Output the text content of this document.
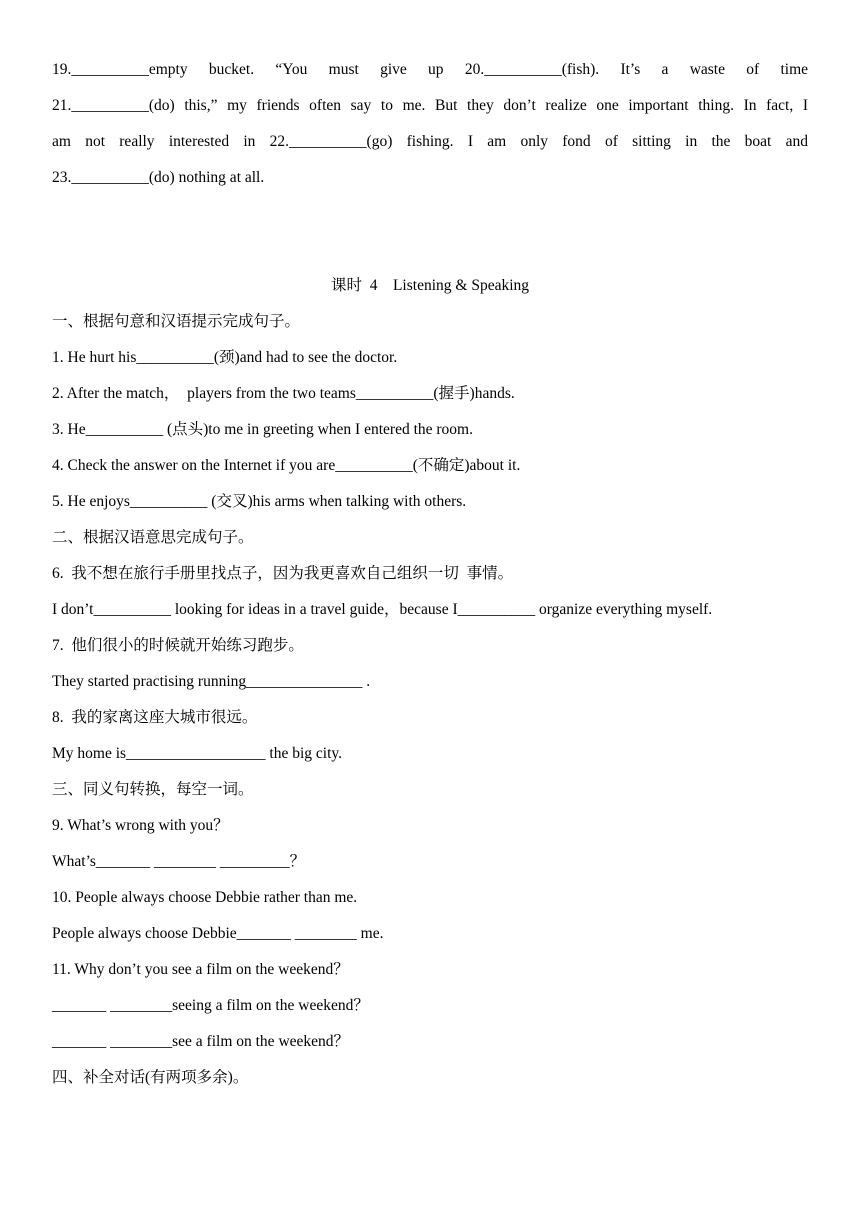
19.__________empty bucket. “You must give up 20.__________(fish). It’s a waste of time
21.__________(do) this,” my friends often say to me. But they don’t realize one important thing. In fact, I
am not really interested in 22.__________(go) fishing. I am only fond of sitting in the boat and
23.__________(do) nothing at all.
课时  4    Listening & Speaking
一、根据句意和汉语提示完成句子。
1. He hurt his__________(颈)and had to see the doctor.
2. After the match，  players from the two teams__________(握手)hands.
3. He__________ (点头)to me in greeting when I entered the room.
4. Check the answer on the Internet if you are__________(不确定)about it.
5. He enjoys__________ (交叉)his arms when talking with others.
二、根据汉语意思完成句子。
6.  我不想在旅行手册里找点子，因为我更喜欢自己组织一切  事情。
I don’t__________ looking for ideas in a travel guide，because I__________ organize everything myself.
7.  他们很小的时候就开始练习跑步。
They started practising running_______________ .
8.  我的家离这座大城市很远。
My home is__________________ the big city.
三、同义句转换，每空一词。
9. What’s wrong with you？
What’s_______ ________ _________？
10. People always choose Debbie rather than me.
People always choose Debbie_______ ________ me.
11. Why don’t you see a film on the weekend？
_______ ________seeing a film on the weekend？
_______ ________see a film on the weekend？
四、补全对话(有两项多余)。
